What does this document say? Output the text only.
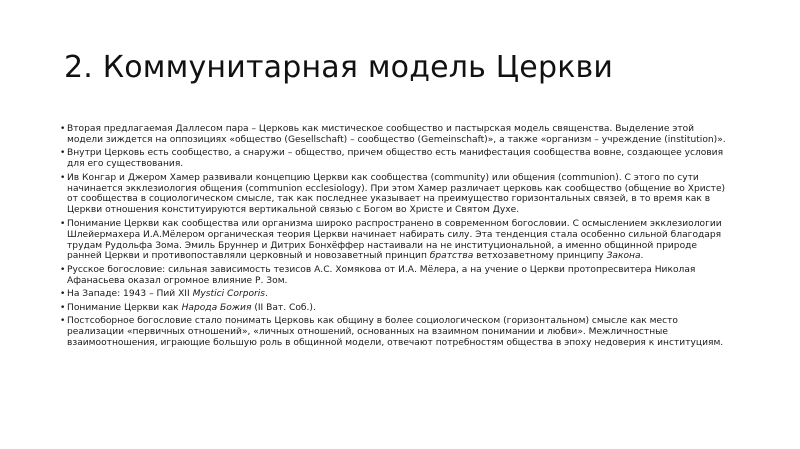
2. Коммунитарная модель Церкви
• Вторая предлагаемая Даллесом пара – Церковь как мистическое сообщество и пастырская модель священства. Выделение этой модели зиждется на оппозициях «общество (Gesellschaft) – сообщество (Gemeinschaft)», а также «организм – учреждение (institution)».
• Внутри Церковь есть сообщество, а снаружи – общество, причем общество есть манифестация сообщества вовне, создающее условия для его существования.
• Ив Конгар и Джером Хамер развивали концепцию Церкви как сообщества (community) или общения (communion). С этого по сути начинается экклезиология общения (communion ecclesiology). При этом Хамер различает церковь как сообщество (общение во Христе) от сообщества в социологическом смысле, так как последнее указывает на преимущество горизонтальных связей, в то время как в Церкви отношения конституируются вертикальной связью с Богом во Христе и Святом Духе.
• Понимание Церкви как сообщества или организма широко распространено в современном богословии. С осмыслением экклезиологии Шлейермахера И.А.Мёлером органическая теория Церкви начинает набирать силу. Эта тенденция стала особенно сильной благодаря трудам Рудольфа Зома. Эмиль Бруннер и Дитрих Бонхёффер настаивали на не институциональной, а именно общинной природе ранней Церкви и противопоставляли церковный и новозаветный принцип братства ветхозаветному принципу Закона.
• Русское богословие: сильная зависимость тезисов А.С. Хомякова от И.А. Мёлера, а на учение о Церкви протопресвитера Николая Афанасьева оказал огромное влияние Р. Зом.
• На Западе: 1943 – Пий XII Mystici Corporis.
• Понимание Церкви как Народа Божия (II Ват. Соб.).
• Постсоборное богословие стало понимать Церковь как общину в более социологическом (горизонтальном) смысле как место реализации «первичных отношений», «личных отношений, основанных на взаимном понимании и любви». Межличностные взаимоотношения, играющие большую роль в общинной модели, отвечают потребностям общества в эпоху недоверия к институциям.
